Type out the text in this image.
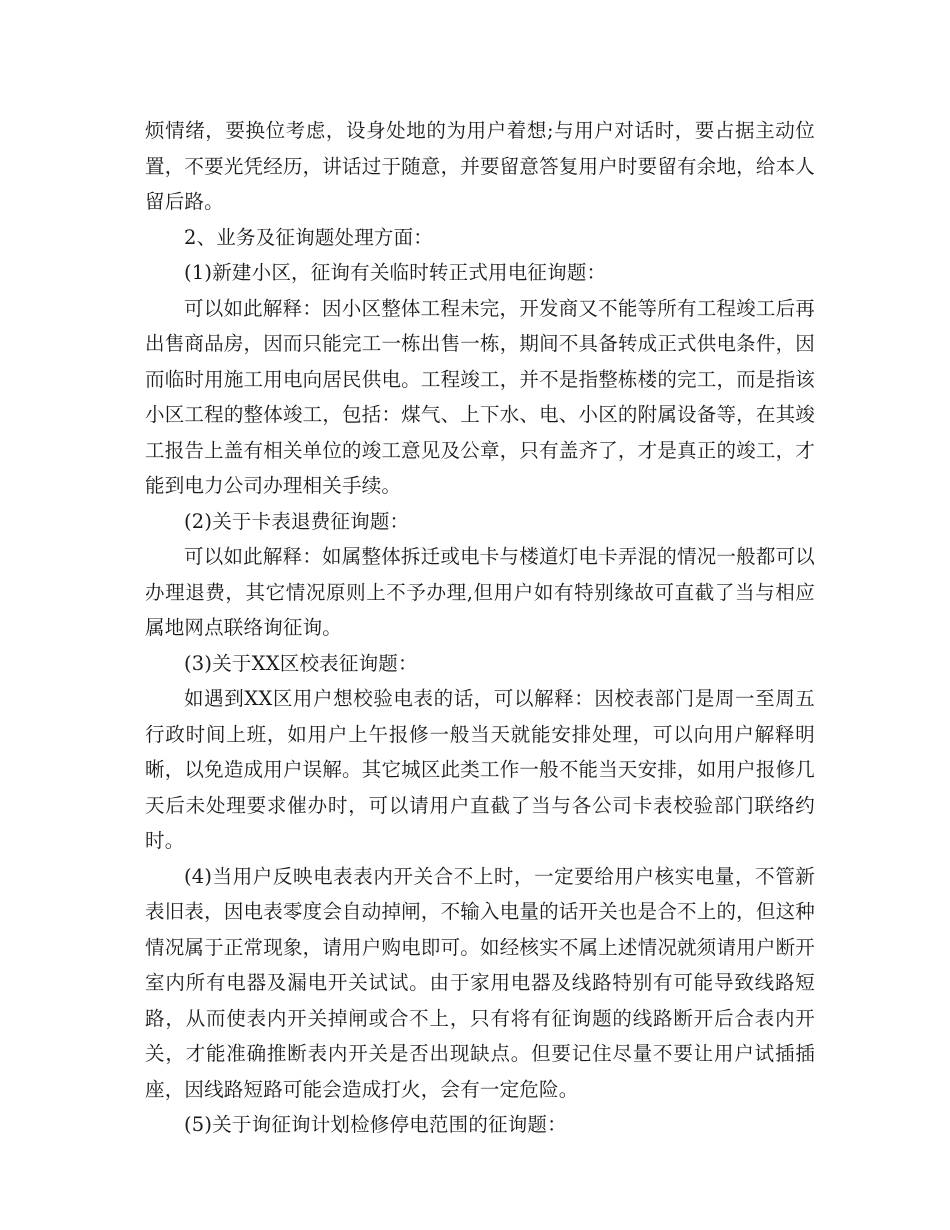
烦情绪，要换位考虑，设身处地的为用户着想;与用户对话时，要占据主动位置，不要光凭经历，讲话过于随意，并要留意答复用户时要留有余地，给本人留后路。

2、业务及征询题处理方面：

(1)新建小区，征询有关临时转正式用电征询题：

可以如此解释：因小区整体工程未完，开发商又不能等所有工程竣工后再出售商品房，因而只能完工一栋出售一栋，期间不具备转成正式供电条件，因而临时用施工用电向居民供电。工程竣工，并不是指整栋楼的完工，而是指该小区工程的整体竣工，包括：煤气、上下水、电、小区的附属设备等，在其竣工报告上盖有相关单位的竣工意见及公章，只有盖齐了，才是真正的竣工，才能到电力公司办理相关手续。

(2)关于卡表退费征询题：

可以如此解释：如属整体拆迁或电卡与楼道灯电卡弄混的情况一般都可以办理退费，其它情况原则上不予办理,但用户如有特别缘故可直截了当与相应属地网点联络询征询。

(3)关于XX区校表征询题：

如遇到XX区用户想校验电表的话，可以解释：因校表部门是周一至周五行政时间上班，如用户上午报修一般当天就能安排处理，可以向用户解释明晰，以免造成用户误解。其它城区此类工作一般不能当天安排，如用户报修几天后未处理要求催办时，可以请用户直截了当与各公司卡表校验部门联络约时。

(4)当用户反映电表表内开关合不上时，一定要给用户核实电量，不管新表旧表，因电表零度会自动掉闸，不输入电量的话开关也是合不上的，但这种情况属于正常现象，请用户购电即可。如经核实不属上述情况就须请用户断开室内所有电器及漏电开关试试。由于家用电器及线路特别有可能导致线路短路，从而使表内开关掉闸或合不上，只有将有征询题的线路断开后合表内开关，才能准确推断表内开关是否出现缺点。但要记住尽量不要让用户试插插座，因线路短路可能会造成打火，会有一定危险。

(5)关于询征询计划检修停电范围的征询题：
